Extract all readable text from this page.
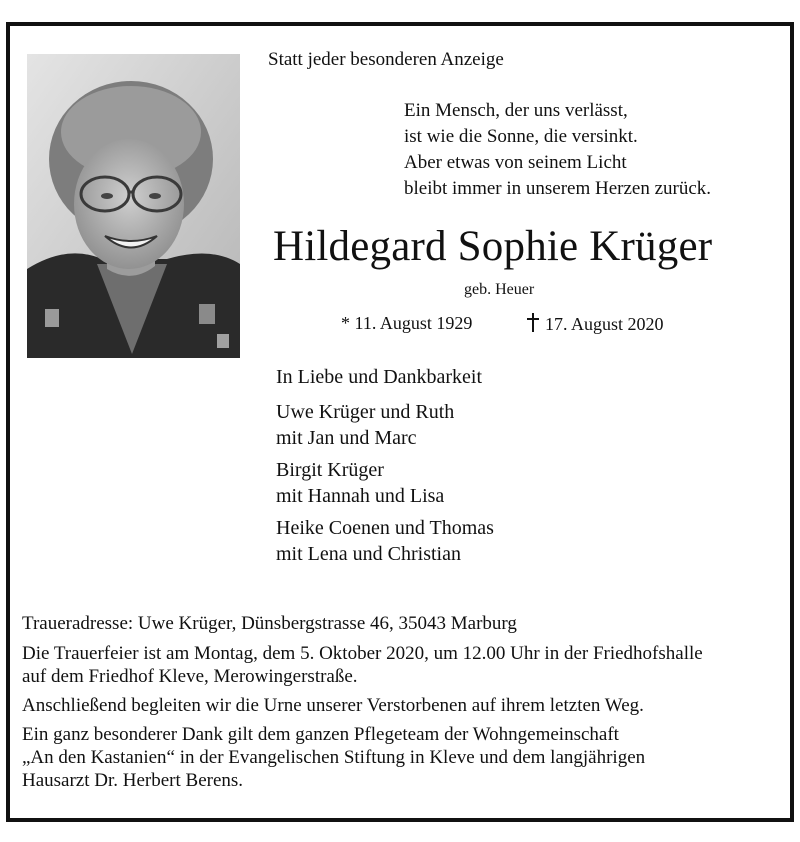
Statt jeder besonderen Anzeige
Ein Mensch, der uns verlässt,
ist wie die Sonne, die versinkt.
Aber etwas von seinem Licht
bleibt immer in unserem Herzen zurück.
Hildegard Sophie Krüger
geb. Heuer
* 11. August 1929	17. August 2020
In Liebe und Dankbarkeit
Uwe Krüger und Ruth
mit Jan und Marc
Birgit Krüger
mit Hannah und Lisa
Heike Coenen und Thomas
mit Lena und Christian
Traueradresse: Uwe Krüger, Dünsbergstrasse 46, 35043 Marburg
Die Trauerfeier ist am Montag, dem 5. Oktober 2020, um 12.00 Uhr in der Friedhofshalle
auf dem Friedhof Kleve, Merowingerstraße.
Anschließend begleiten wir die Urne unserer Verstorbenen auf ihrem letzten Weg.
Ein ganz besonderer Dank gilt dem ganzen Pflegeteam der Wohngemeinschaft
„An den Kastanien“ in der Evangelischen Stiftung in Kleve und dem langjährigen
Hausarzt Dr. Herbert Berens.
